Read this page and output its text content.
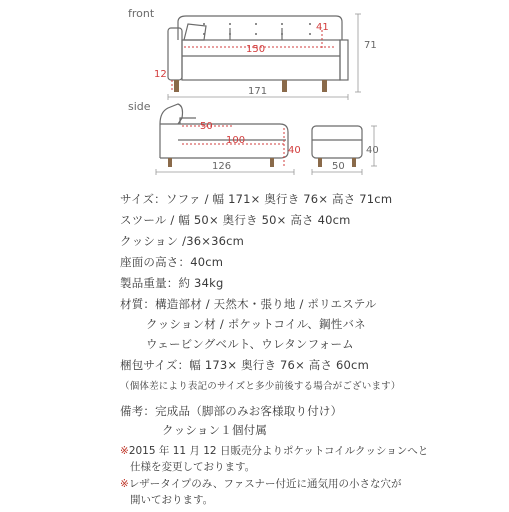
front
side
41
150
12
171
71
50
100
40
126	50
40
サイズ：ソファ / 幅 171× 奥行き 76× 高さ 71cm
スツール / 幅 50× 奥行き 50× 高さ 40cm
クッション /36×36cm
座面の高さ：40cm
製品重量：約 34kg
材質：構造部材 / 天然木・張り地 / ポリエステル
クッション材 / ポケットコイル、鋼性バネ
ウェービングベルト、ウレタンフォーム
梱包サイズ：幅 173× 奥行き 76× 高さ 60cm
（個体差により表記のサイズと多少前後する場合がございます）
備考：完成品（脚部のみお客様取り付け）
クッション１個付属
※2015 年 11 月 12 日販売分よりポケットコイルクッションへと
仕様を変更しております。
※レザータイプのみ、ファスナー付近に通気用の小さな穴が
開いております。
